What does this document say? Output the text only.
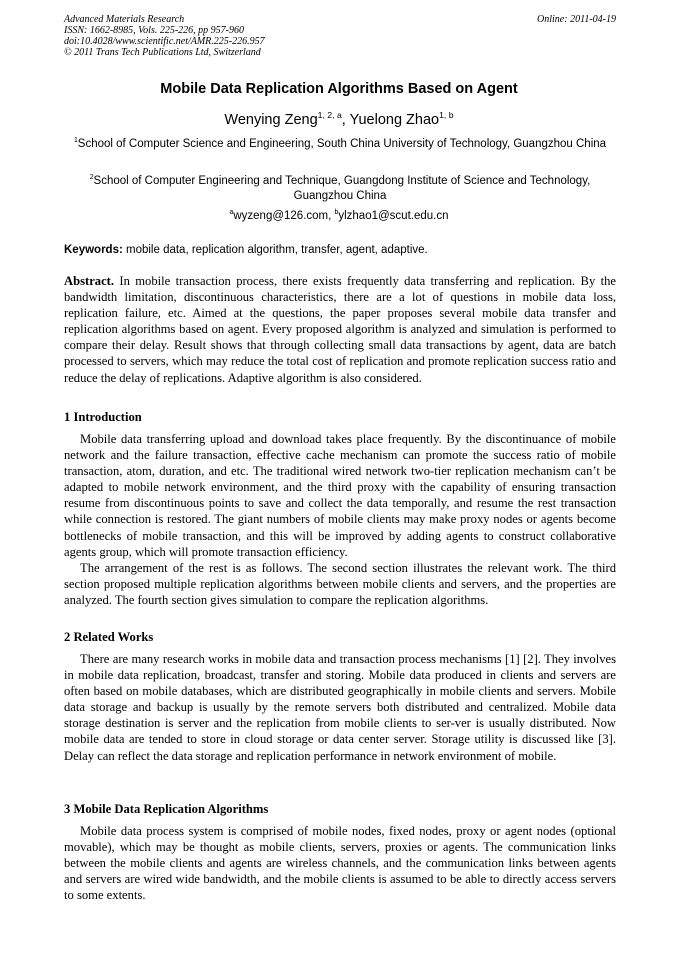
Advanced Materials Research
ISSN: 1662-8985, Vols. 225-226, pp 957-960
doi:10.4028/www.scientific.net/AMR.225-226.957
© 2011 Trans Tech Publications Ltd, Switzerland
Online: 2011-04-19
Mobile Data Replication Algorithms Based on Agent
Wenying Zeng$^{1, 2, a}$, Yuelong Zhao$^{1, b}$
$^1$School of Computer Science and Engineering, South China University of Technology, Guangzhou China
$^2$School of Computer Engineering and Technique, Guangdong Institute of Science and Technology, Guangzhou China
$^a$wyzeng@126.com, $^b$ylzhao1@scut.edu.cn
Keywords: mobile data, replication algorithm, transfer, agent, adaptive.
Abstract. In mobile transaction process, there exists frequently data transferring and replication. By the bandwidth limitation, discontinuous characteristics, there are a lot of questions in mobile data loss, replication failure, etc. Aimed at the questions, the paper proposes several mobile data transfer and replication algorithms based on agent. Every proposed algorithm is analyzed and simulation is performed to compare their delay. Result shows that through collecting small data transactions by agent, data are batch processed to servers, which may reduce the total cost of replication and promote replication success ratio and reduce the delay of replications. Adaptive algorithm is also considered.
1 Introduction

Mobile data transferring upload and download takes place frequently. By the discontinuance of mobile network and the failure transaction, effective cache mechanism can promote the success ratio of mobile transaction, atom, duration, and etc. The traditional wired network two-tier replication mechanism can’t be adapted to mobile network environment, and the third proxy with the capability of ensuring transaction resume from discontinuous points to save and collect the data temporally, and resume the rest transaction while connection is restored. The giant numbers of mobile clients may make proxy nodes or agents become bottlenecks of mobile transaction, and this will be improved by adding agents to construct collaborative agents group, which will promote transaction efficiency.

The arrangement of the rest is as follows. The second section illustrates the relevant work. The third section proposed multiple replication algorithms between mobile clients and servers, and the properties are analyzed. The fourth section gives simulation to compare the replication algorithms.

2 Related Works

There are many research works in mobile data and transaction process mechanisms [1] [2]. They involves in mobile data replication, broadcast, transfer and storing. Mobile data produced in clients and servers are often based on mobile databases, which are distributed geographically in mobile clients and servers. Mobile data storage and backup is usually by the remote servers both distributed and centralized. Mobile data storage destination is server and the replication from mobile clients to ser-ver is usually distributed. Now mobile data are tended to store in cloud storage or data center server. Storage utility is discussed like [3]. Delay can reflect the data storage and replication performance in network environment of mobile.

3 Mobile Data Replication Algorithms

Mobile data process system is comprised of mobile nodes, fixed nodes, proxy or agent nodes (optional movable), which may be thought as mobile clients, servers, proxies or agents. The communication links between the mobile clients and agents are wireless channels, and the communication links between agents and servers are wired wide bandwidth, and the mobile clients is assumed to be able to directly access servers to some extents.
